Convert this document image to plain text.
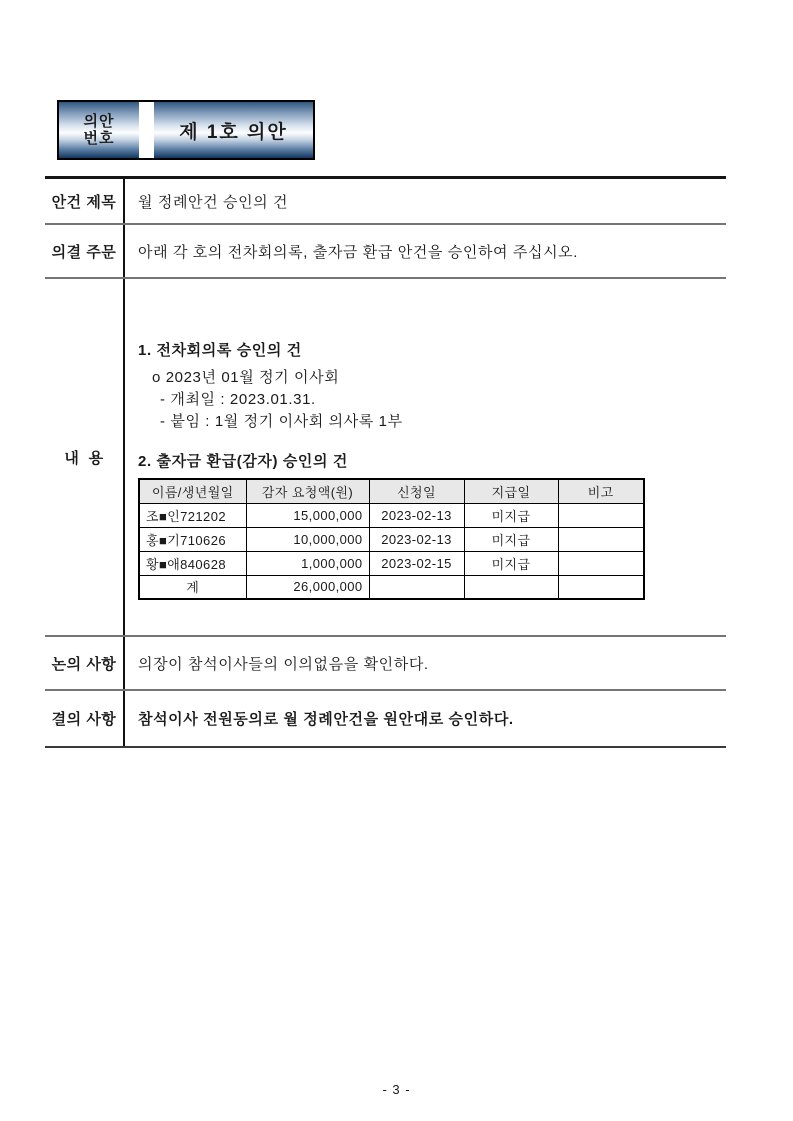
의안
번호	제 1호 의안
안건 제목	월 정례안건 승인의 건
의결 주문	아래 각 호의 전차회의록, 출자금 환급 안건을 승인하여 주십시오.
내  용
1. 전차회의록 승인의 건
o 2023년 01월 정기 이사회
- 개최일 : 2023.01.31.
- 붙임 : 1월 정기 이사회 의사록 1부
2. 출자금 환급(감자) 승인의 건
이름/생년월일	감자 요청액(원)	신청일	지급일	비고
조■인721202	15,000,000	2023-02-13	미지급	
홍■기710626	10,000,000	2023-02-13	미지급	
황■애840628	1,000,000	2023-02-15	미지급	
계	26,000,000			
논의 사항	의장이 참석이사들의 이의없음을 확인하다.
결의 사항	참석이사 전원동의로 월 정례안건을 원안대로 승인하다.
- 3 -
